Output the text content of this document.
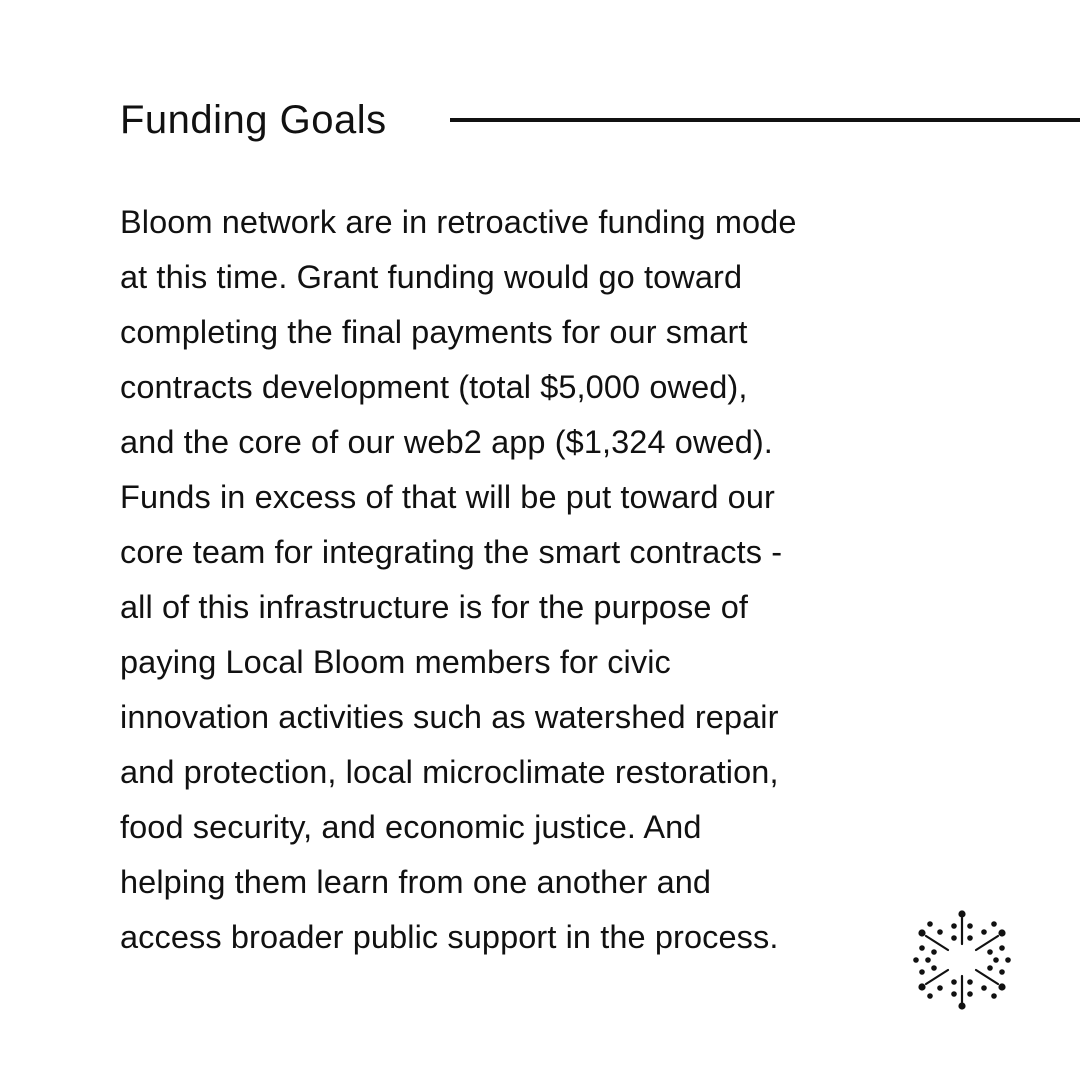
Funding Goals
Bloom network are in retroactive funding mode
at this time. Grant funding would go toward
completing the final payments for our smart
contracts development (total $5,000 owed),
and the core of our web2 app ($1,324 owed).
Funds in excess of that will be put toward our
core team for integrating the smart contracts -
all of this infrastructure is for the purpose of
paying Local Bloom members for civic
innovation activities such as watershed repair
and protection, local microclimate restoration,
food security, and economic justice. And
helping them learn from one another and
access broader public support in the process.
